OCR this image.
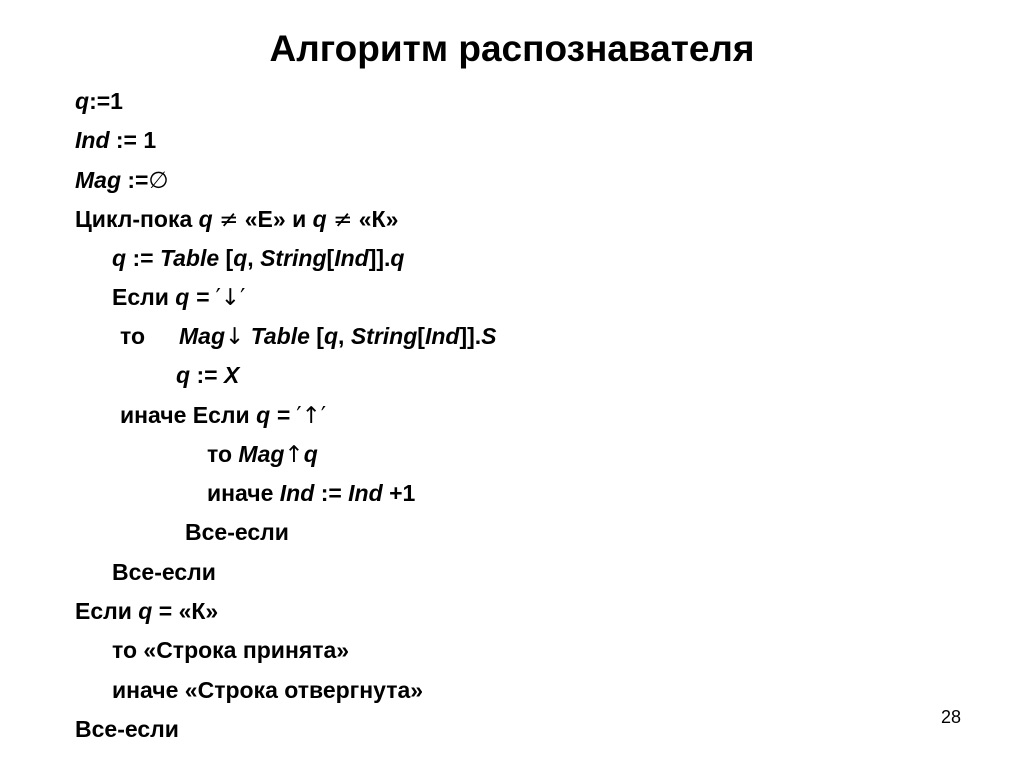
Алгоритм распознавателя
q:=1
Ind := 1
Mag :=∅
Цикл-пока q ≠ «Е» и q ≠ «К»
q := Table [q, String[Ind]].q
Если q = ′↓′
то Mag↓ Table [q, String[Ind]].S
q := X
иначе Если q = ′↑′
то Mag↑q
иначе Ind := Ind +1
Все-если
Все-если
Если q = «К»
то «Строка принята»
иначе «Строка отвергнута»
Все-если	28
